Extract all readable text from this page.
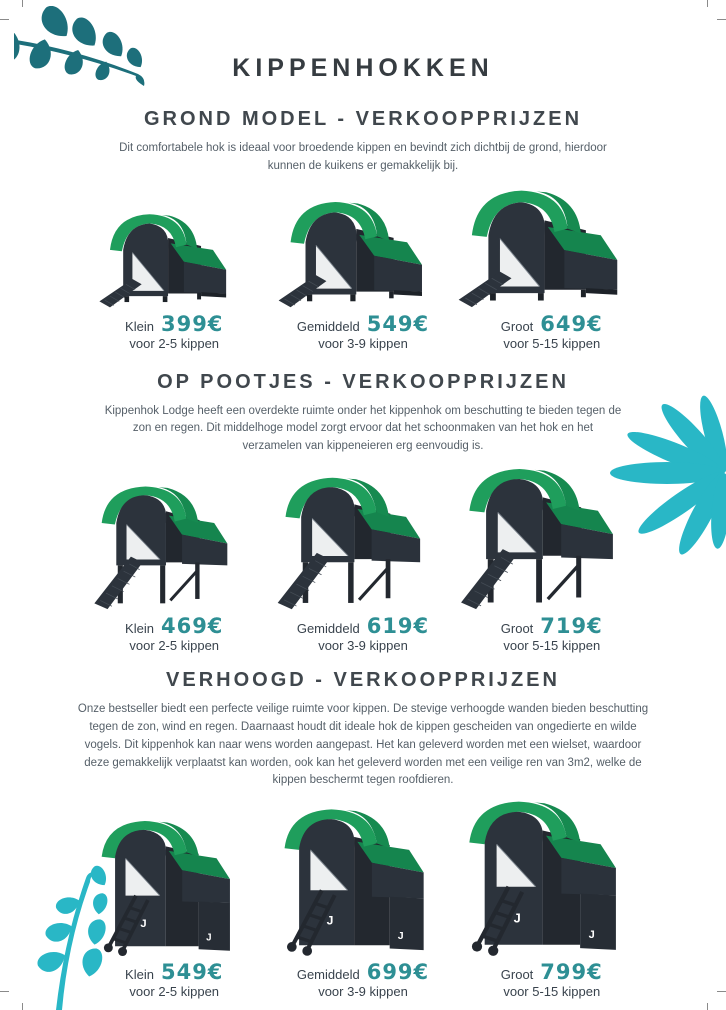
KIPPENHOKKEN
GROND MODEL - VERKOOPPRIJZEN
Dit comfortabele hok is ideaal voor broedende kippen en bevindt zich dichtbij de grond, hierdoor kunnen de kuikens er gemakkelijk bij.
Klein 399€
voor 2-5 kippen
Gemiddeld 549€
voor 3-9 kippen
Groot 649€
voor 5-15 kippen
OP POOTJES - VERKOOPPRIJZEN
Kippenhok Lodge heeft een overdekte ruimte onder het kippenhok om beschutting te bieden tegen de zon en regen. Dit middelhoge model zorgt ervoor dat het schoonmaken van het hok en het verzamelen van kippeneieren erg eenvoudig is.
Klein 469€
voor 2-5 kippen
Gemiddeld 619€
voor 3-9 kippen
Groot 719€
voor 5-15 kippen
VERHOOGD - VERKOOPPRIJZEN
Onze bestseller biedt een perfecte veilige ruimte voor kippen. De stevige verhoogde wanden bieden beschutting tegen de zon, wind en regen. Daarnaast houdt dit ideale hok de kippen gescheiden van ongedierte en wilde vogels. Dit kippenhok kan naar wens worden aangepast. Het kan geleverd worden met een wielset, waardoor deze gemakkelijk verplaatst kan worden, ook kan het geleverd worden met een veilige ren van 3m2, welke de kippen beschermt tegen roofdieren.
Klein 549€
voor 2-5 kippen
Gemiddeld 699€
voor 3-9 kippen
Groot 799€
voor 5-15 kippen
